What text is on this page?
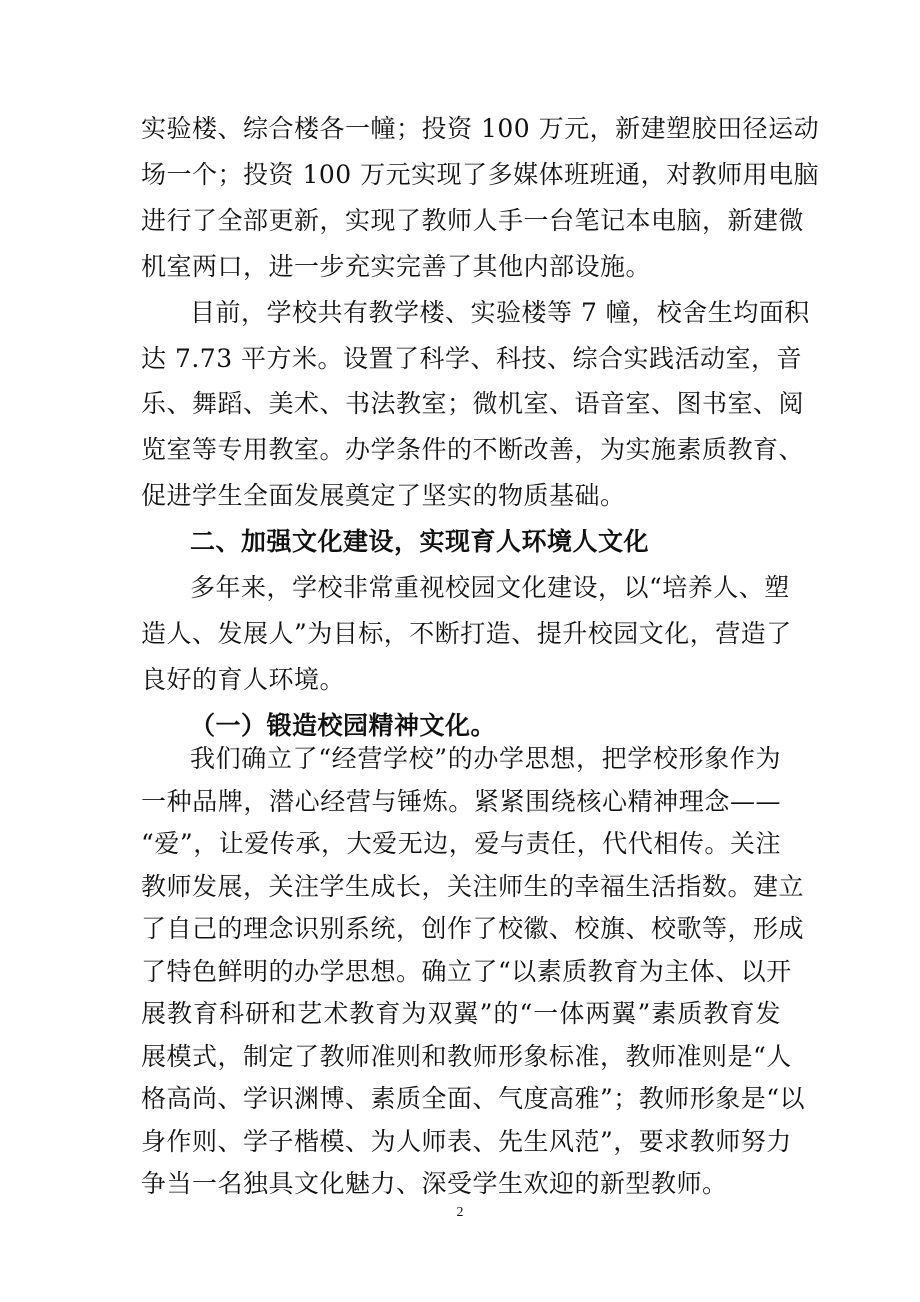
实验楼、综合楼各一幢；投资 100 万元，新建塑胶田径运动
场一个；投资 100 万元实现了多媒体班班通，对教师用电脑
进行了全部更新，实现了教师人手一台笔记本电脑，新建微
机室两口，进一步充实完善了其他内部设施。
目前，学校共有教学楼、实验楼等 7 幢，校舍生均面积
达 7.73 平方米。设置了科学、科技、综合实践活动室，音
乐、舞蹈、美术、书法教室；微机室、语音室、图书室、阅
览室等专用教室。办学条件的不断改善，为实施素质教育、
促进学生全面发展奠定了坚实的物质基础。
二、加强文化建设，实现育人环境人文化
多年来，学校非常重视校园文化建设，以“培养人、塑
造人、发展人”为目标，不断打造、提升校园文化，营造了
良好的育人环境。
（一）锻造校园精神文化。
我们确立了“经营学校”的办学思想，把学校形象作为
一种品牌，潜心经营与锤炼。紧紧围绕核心精神理念——
“爱”，让爱传承，大爱无边，爱与责任，代代相传。关注
教师发展，关注学生成长，关注师生的幸福生活指数。建立
了自己的理念识别系统，创作了校徽、校旗、校歌等，形成
了特色鲜明的办学思想。确立了“以素质教育为主体、以开
展教育科研和艺术教育为双翼”的“一体两翼”素质教育发
展模式，制定了教师准则和教师形象标准，教师准则是“人
格高尚、学识渊博、素质全面、气度高雅”；教师形象是“以
身作则、学子楷模、为人师表、先生风范”，要求教师努力
2
争当一名独具文化魅力、深受学生欢迎的新型教师。
